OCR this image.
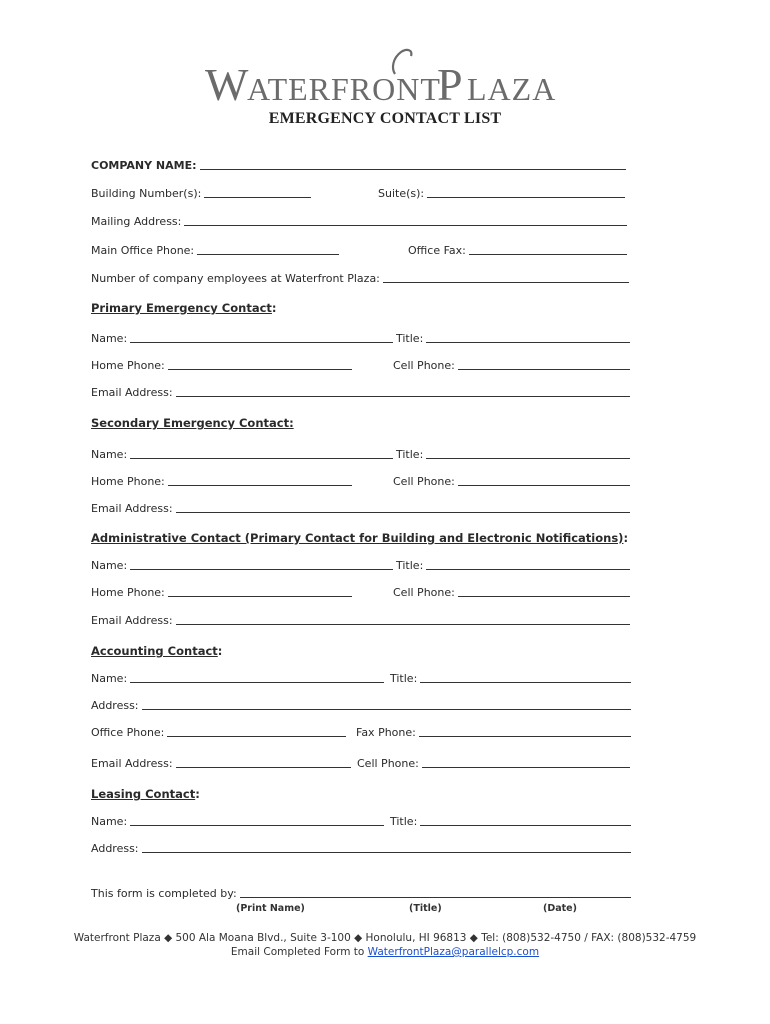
W
ATERFRONT
P LAZA
EMERGENCY CONTACT LIST
COMPANY NAME:
Building Number(s):	Suite(s):
Mailing Address:
Main Office Phone:	Office Fax:
Number of company employees at Waterfront Plaza:
Primary Emergency Contact:
Name:	Title:
Home Phone:	Cell Phone:
Email Address:
Secondary Emergency Contact:
Name:	Title:
Home Phone:	Cell Phone:
Email Address:
Administrative Contact (Primary Contact for Building and Electronic Notifications):
Name:	Title:
Home Phone:	Cell Phone:
Email Address:
Accounting Contact:
Name:	Title:
Address:
Office Phone:	Fax Phone:
Email Address:	Cell Phone:
Leasing Contact:
Name:	Title:
Address:
This form is completed by:
(Print Name)	(Title)	(Date)
Waterfront Plaza ◆ 500 Ala Moana Blvd., Suite 3-100 ◆ Honolulu, HI 96813 ◆ Tel: (808)532-4750 / FAX: (808)532-4759
Email Completed Form to WaterfrontPlaza@parallelcp.com
